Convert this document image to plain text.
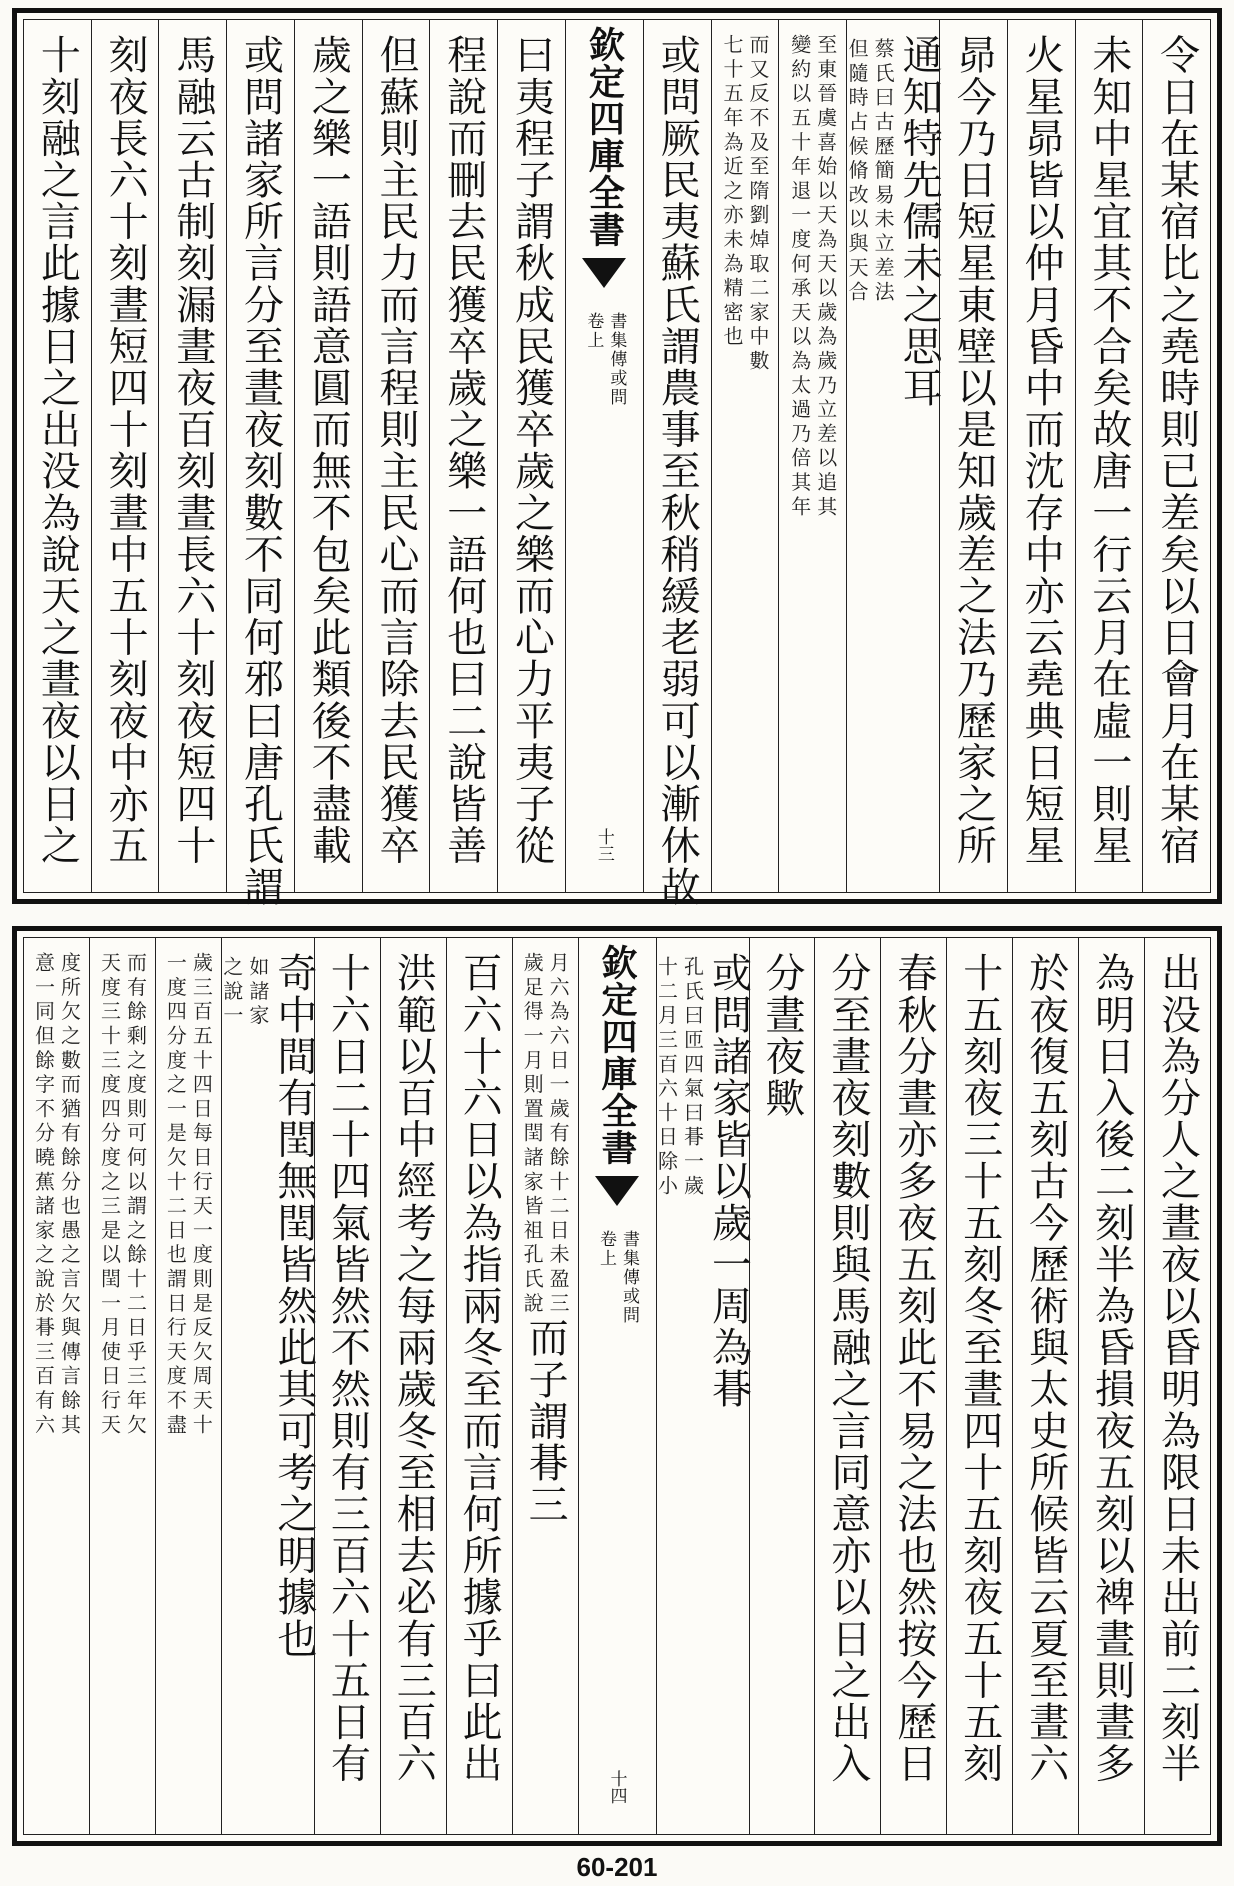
令日在某宿比之堯時則已差矣以日會月在某宿
未知中星宜其不合矣故唐一行云月在虛一則星
火星昴皆以仲月昏中而沈存中亦云堯典日短星
昴今乃日短星東壁以是知歲差之法乃歷家之所
通知特先儒未之思耳
蔡氏曰古歷簡易未立差法
但隨時占候脩改以與天合
至東晉虞喜始以天為天以歲為歲乃立差以追其
變約以五十年退一度何承天以為太過乃倍其年
而又反不及至隋劉焯取二家中數
七十五年為近之亦未為精密也
或問厥民夷蘇氏謂農事至秋稍緩老弱可以漸休故
欽定四庫全書
書集傳或問
卷上
十三
曰夷程子謂秋成民獲卒歲之樂而心力平夷子從
程說而刪去民獲卒歲之樂一語何也曰二說皆善
但蘇則主民力而言程則主民心而言除去民獲卒
歲之樂一語則語意圓而無不包矣此類後不盡載
或問諸家所言分至晝夜刻數不同何邪曰唐孔氏謂
馬融云古制刻漏晝夜百刻晝長六十刻夜短四十
刻夜長六十刻晝短四十刻晝中五十刻夜中亦五
十刻融之言此據日之出没為說天之晝夜以日之
出没為分人之晝夜以昏明為限日未出前二刻半
為明日入後二刻半為昏損夜五刻以裨晝則晝多
於夜復五刻古今歷術與太史所候皆云夏至晝六
十五刻夜三十五刻冬至晝四十五刻夜五十五刻
春秋分晝亦多夜五刻此不易之法也然按今歷日
分至晝夜刻數則與馬融之言同意亦以日之出入
分晝夜歟
或問諸家皆以歲一周為朞
孔氏曰匝四氣曰朞一歲
十二月三百六十日除小
欽定四庫全書
書集傳或問
卷上
十四
月六為六日一歲有餘十二日未盈三
歲足得一月則置閏諸家皆祖孔氏說
而子謂朞三
百六十六日以為指兩冬至而言何所據乎曰此出
洪範以百中經考之每兩歲冬至相去必有三百六
十六日二十四氣皆然不然則有三百六十五日有
奇中間有閏無閏皆然此其可考之明據也
如諸家
之說一
歲三百五十四日每日行天一度則是反欠周天十
一度四分度之一是欠十二日也謂日行天度不盡
而有餘剩之度則可何以謂之餘十二日乎三年欠
天度三十三度四分度之三是以閏一月使日行天
度所欠之數而猶有餘分也愚之言欠與傳言餘其
意一同但餘字不分曉蕉諸家之說於朞三百有六
60-201
